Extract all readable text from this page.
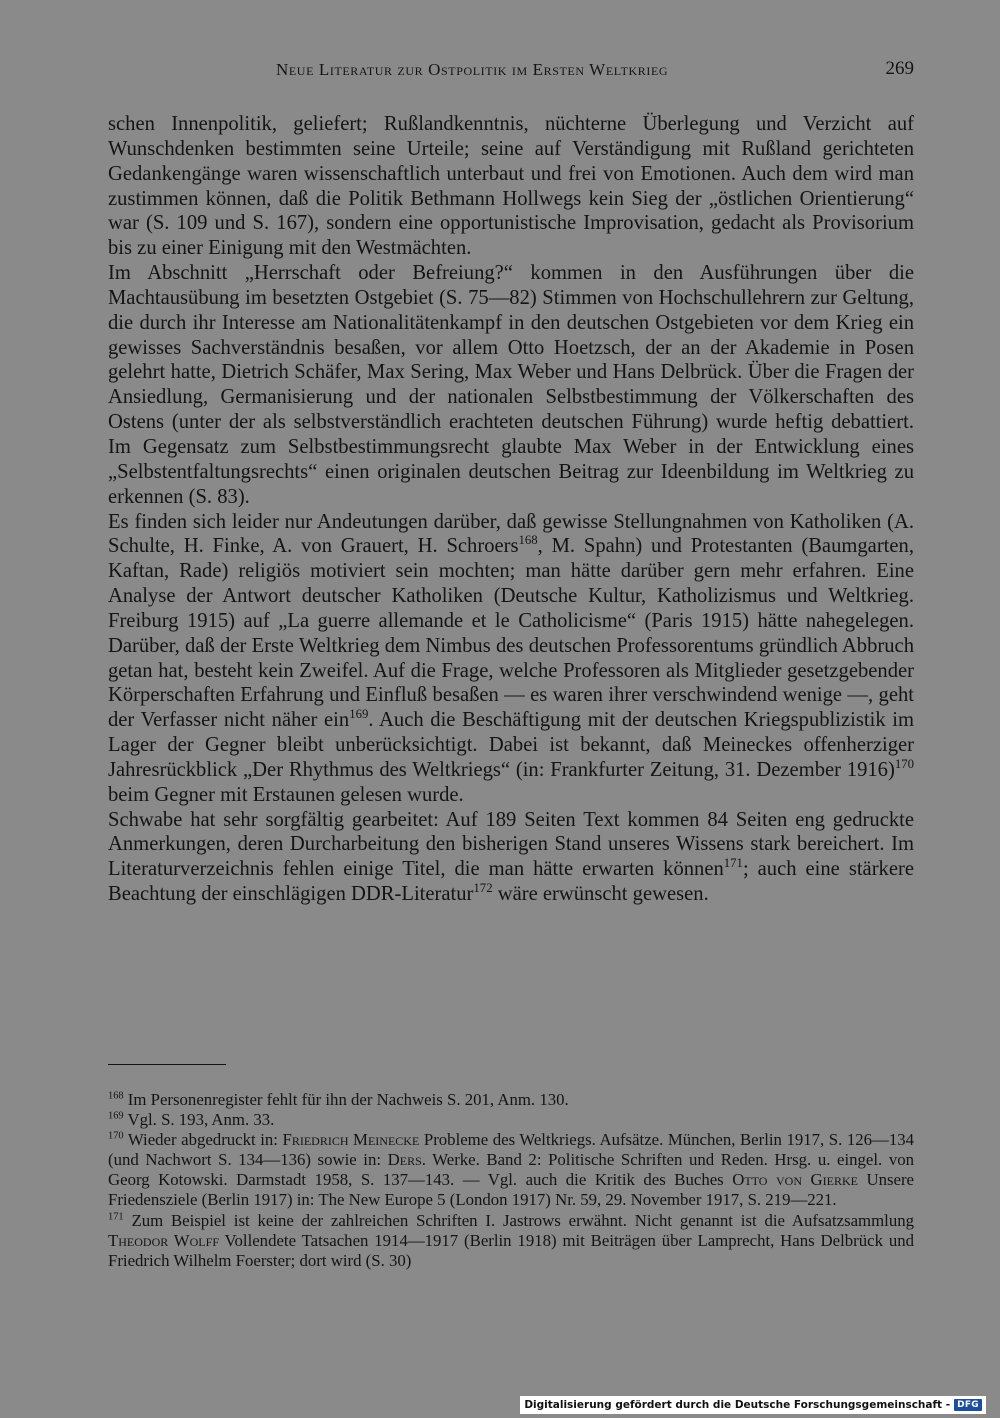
Neue Literatur zur Ostpolitik im Ersten Weltkrieg	269

schen Innenpolitik, geliefert; Rußlandkenntnis, nüchterne Überlegung und Verzicht auf Wunschdenken bestimmten seine Urteile; seine auf Verständigung mit Rußland gerichteten Gedankengänge waren wissenschaftlich unterbaut und frei von Emotionen. Auch dem wird man zustimmen können, daß die Politik Bethmann Hollwegs kein Sieg der „östlichen Orientierung“ war (S. 109 und S. 167), sondern eine opportunistische Improvisation, gedacht als Provisorium bis zu einer Einigung mit den Westmächten.

Im Abschnitt „Herrschaft oder Befreiung?“ kommen in den Ausführungen über die Machtausübung im besetzten Ostgebiet (S. 75—82) Stimmen von Hochschullehrern zur Geltung, die durch ihr Interesse am Nationalitätenkampf in den deutschen Ostgebieten vor dem Krieg ein gewisses Sachverständnis besaßen, vor allem Otto Hoetzsch, der an der Akademie in Posen gelehrt hatte, Dietrich Schäfer, Max Sering, Max Weber und Hans Delbrück. Über die Fragen der Ansiedlung, Germanisierung und der nationalen Selbstbestimmung der Völkerschaften des Ostens (unter der als selbstverständlich erachteten deutschen Führung) wurde heftig debattiert. Im Gegensatz zum Selbstbestimmungsrecht glaubte Max Weber in der Entwicklung eines „Selbstentfaltungsrechts“ einen originalen deutschen Beitrag zur Ideenbildung im Weltkrieg zu erkennen (S. 83).

Es finden sich leider nur Andeutungen darüber, daß gewisse Stellungnahmen von Katholiken (A. Schulte, H. Finke, A. von Grauert, H. Schroers$^{168}$, M. Spahn) und Protestanten (Baumgarten, Kaftan, Rade) religiös motiviert sein mochten; man hätte darüber gern mehr erfahren. Eine Analyse der Antwort deutscher Katholiken (Deutsche Kultur, Katholizismus und Weltkrieg. Freiburg 1915) auf „La guerre allemande et le Catholicisme“ (Paris 1915) hätte nahegelegen. Darüber, daß der Erste Weltkrieg dem Nimbus des deutschen Professorentums gründlich Abbruch getan hat, besteht kein Zweifel. Auf die Frage, welche Professoren als Mitglieder gesetzgebender Körperschaften Erfahrung und Einfluß besaßen — es waren ihrer verschwindend wenige —, geht der Verfasser nicht näher ein$^{169}$. Auch die Beschäftigung mit der deutschen Kriegspublizistik im Lager der Gegner bleibt unberücksichtigt. Dabei ist bekannt, daß Meineckes offenherziger Jahresrückblick „Der Rhythmus des Weltkriegs“ (in: Frankfurter Zeitung, 31. Dezember 1916)$^{170}$ beim Gegner mit Erstaunen gelesen wurde.

Schwabe hat sehr sorgfältig gearbeitet: Auf 189 Seiten Text kommen 84 Seiten eng gedruckte Anmerkungen, deren Durcharbeitung den bisherigen Stand unseres Wissens stark bereichert. Im Literaturverzeichnis fehlen einige Titel, die man hätte erwarten können$^{171}$; auch eine stärkere Beachtung der einschlägigen DDR-Literatur$^{172}$ wäre erwünscht gewesen.

$^{168}$ Im Personenregister fehlt für ihn der Nachweis S. 201, Anm. 130.

$^{169}$ Vgl. S. 193, Anm. 33.

$^{170}$ Wieder abgedruckt in: Friedrich Meinecke Probleme des Weltkriegs. Aufsätze. München, Berlin 1917, S. 126—134 (und Nachwort S. 134—136) sowie in: Ders. Werke. Band 2: Politische Schriften und Reden. Hrsg. u. eingel. von Georg Kotowski. Darmstadt 1958, S. 137—143. — Vgl. auch die Kritik des Buches Otto von Gierke Unsere Friedensziele (Berlin 1917) in: The New Europe 5 (London 1917) Nr. 59, 29. November 1917, S. 219—221.

$^{171}$ Zum Beispiel ist keine der zahlreichen Schriften I. Jastrows erwähnt. Nicht genannt ist die Aufsatzsammlung Theodor Wolff Vollendete Tatsachen 1914—1917 (Berlin 1918) mit Beiträgen über Lamprecht, Hans Delbrück und Friedrich Wilhelm Foerster; dort wird (S. 30)

Digitalisierung gefördert durch die Deutsche Forschungsgemeinschaft - DFG
